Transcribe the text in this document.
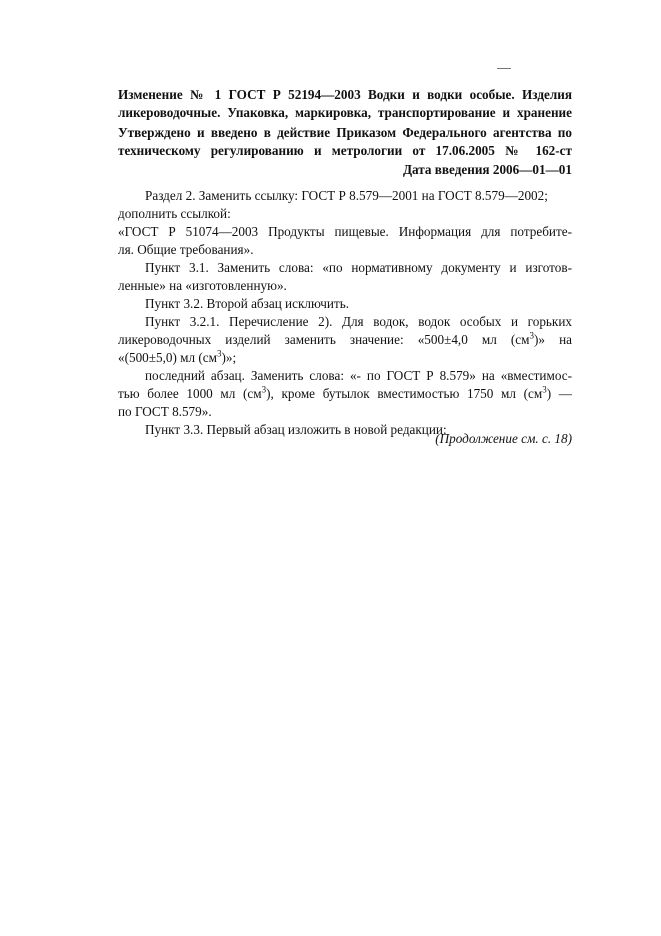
Изменение № 1 ГОСТ Р 52194—2003 Водки и водки особые. Изделия
ликероводочные. Упаковка, маркировка, транспортирование и хранение
Утверждено и введено в действие Приказом Федерального агентства по
техническому регулированию и метрологии от 17.06.2005 № 162-ст
Дата введения 2006—01—01
Раздел 2. Заменить ссылку: ГОСТ Р 8.579—2001 на ГОСТ 8.579—2002;
дополнить ссылкой:
«ГОСТ Р 51074—2003 Продукты пищевые. Информация для потребите-
ля. Общие требования».
Пункт 3.1. Заменить слова: «по нормативному документу и изготов-
ленные» на «изготовленную».
Пункт 3.2. Второй абзац исключить.
Пункт 3.2.1. Перечисление 2). Для водок, водок особых и горьких
ликероводочных изделий заменить значение: «500±4,0 мл $(см^3)$» на
«(500±5,0) мл $(см^3)$»;
последний абзац. Заменить слова: «- по ГОСТ Р 8.579» на «вместимос-
тью более 1000 мл $(см^3)$, кроме бутылок вместимостью 1750 мл $(см^3)$ —
по ГОСТ 8.579».
Пункт 3.3. Первый абзац изложить в новой редакции:
(Продолжение см. с. 18)
